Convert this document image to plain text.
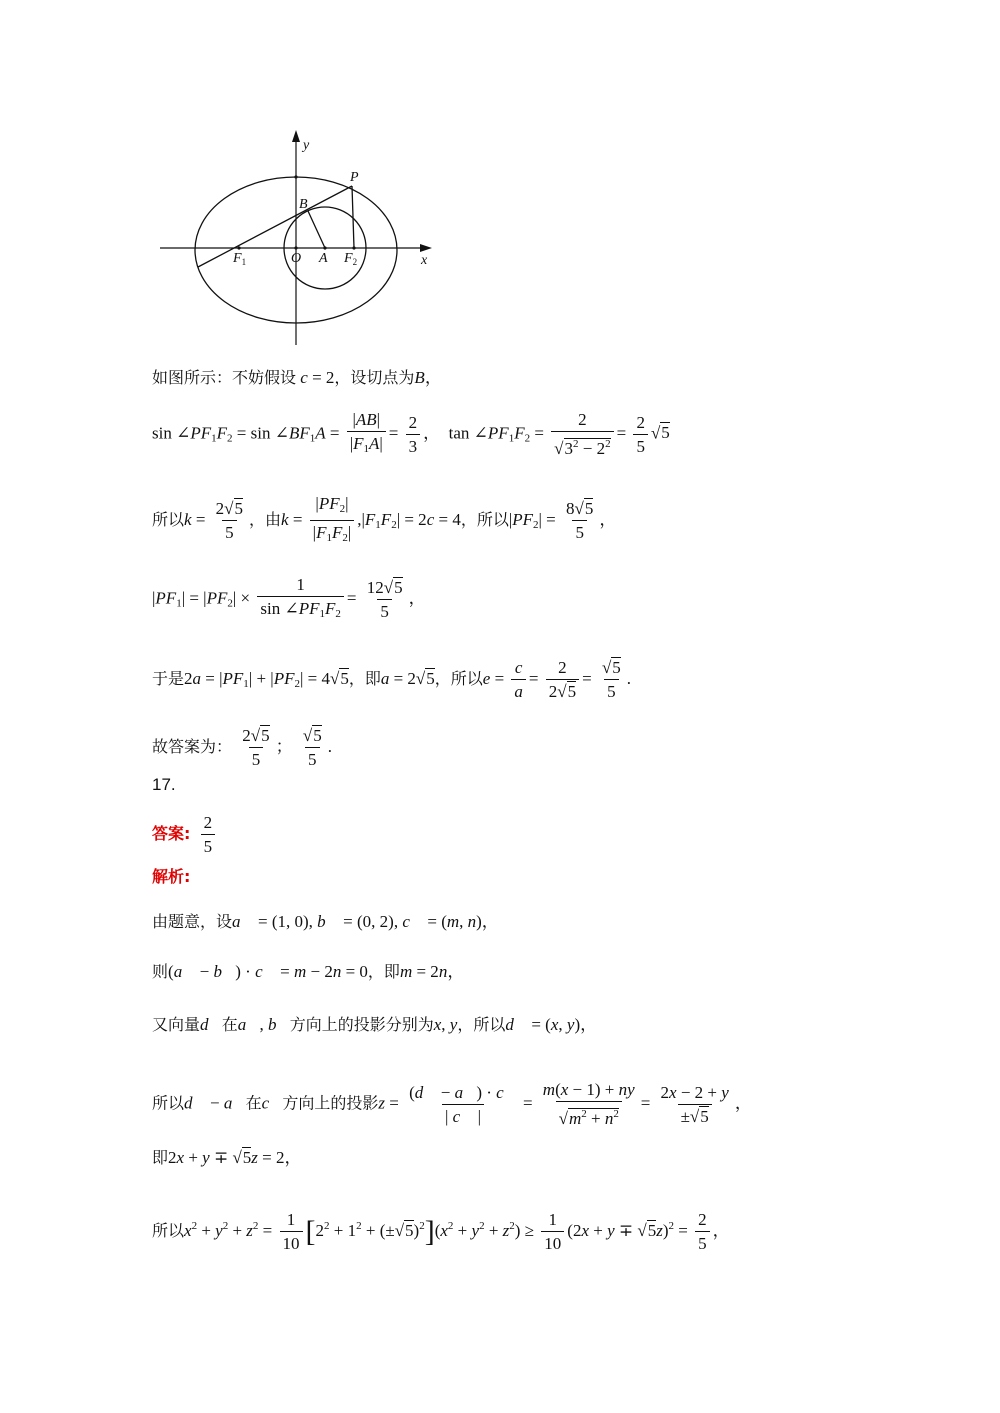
y
x
P
B
O A
$F_1$	$F_2$
如图所示：不妨假设 c = 2，设切点为B，
$\sin \angle PF_1F_2 = \sin$ $\angle BF_1A = \frac{|AB|}{|F_1A|} = \frac{2}{3}$ ，  $\tan \angle PF_1F_2 = \frac{2}{√3^2 - 2^2} = \frac{2}{5} √5$
所以$k = \frac{2√5}{5}$ ，由$k = \frac{|PF_2|}{|F_1F_2|} ,|F_1F_2| = 2c = 4$，所以$|PF_2| = \frac{8√5}{5}$ ，
$|PF_1| = |PF_2| \times \frac{1}{\sin \angle PF_1F_2} = \frac{12√5}{5}$ ，
于是$2a = |PF_1| + |PF_2| = 4√5$，即a = 2√5，所以$e = \frac{c}{a} = \frac{2}{2√5} = \frac{√5}{5}$ .
故答案为： $\frac{2√5}{5}$ ； $\frac{√5}{5}$ .
17.
答案: $\frac{2}{5}$
解析:
由题意，设a⃗ = (1, 0), b⃗ = (0, 2), c⃗ = (m, n)，
则(a⃗ − b⃗) · c⃗ = m − 2n = 0，即m = 2n，
又向量d⃗在a⃗, b⃗方向上的投影分别为x, y，所以d⃗ = (x, y)，
所以d⃗ − a⃗在c⃗方向上的投影$z = \frac{(d⃗ - a⃗) \cdot c⃗}{| c⃗ |} = \frac{m(x - 1) + ny}{√m^2 + n^2} = \frac{2x - 2 + y}{\pm√5}$ ，
即2x + y ∓ √5z = 2，
所以$x^2 + y^2 + z^2 = \frac{1}{10} [2^2 + 1^2 + (\pm√5)^2](x^2 + y^2 + z^2) \ge \frac{1}{10} (2x + y \mp √5z)^2 = \frac{2}{5}$ ，
